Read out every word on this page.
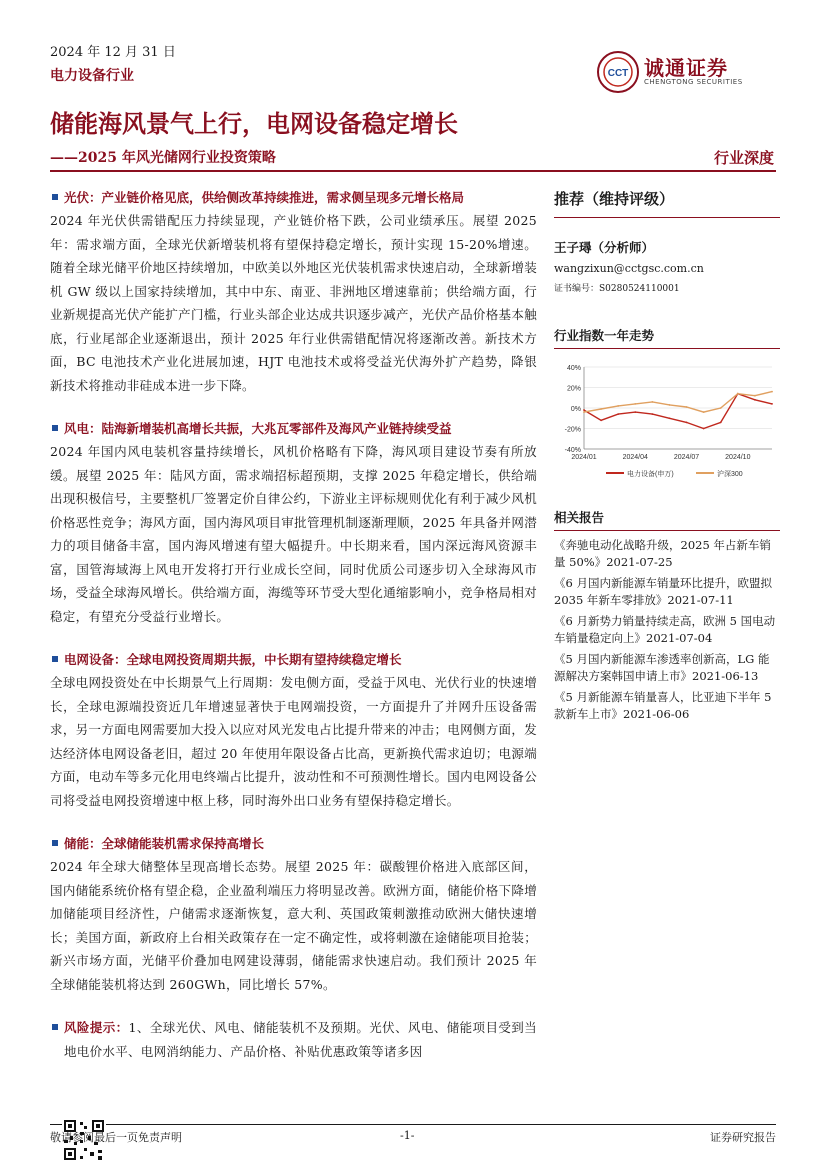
2024 年 12 月 31 日
电力设备行业	CCT 诚通证券
CHENGTONG SECURITIES
储能海风景气上行，电网设备稳定增长
——2025 年风光储网行业投资策略	行业深度
光伏：产业链价格见底，供给侧改革持续推进，需求侧呈现多元增长格局
2024 年光伏供需错配压力持续显现，产业链价格下跌，公司业绩承压。展望 2025 年：需求端方面，全球光伏新增装机将有望保持稳定增长，预计实现 15-20%增速。随着全球光储平价地区持续增加，中欧美以外地区光伏装机需求快速启动，全球新增装机 GW 级以上国家持续增加，其中中东、南亚、非洲地区增速靠前；供给端方面，行业新规提高光伏产能扩产门槛，行业头部企业达成共识逐步减产，光伏产品价格基本触底，行业尾部企业逐渐退出，预计 2025 年行业供需错配情况将逐渐改善。新技术方面，BC 电池技术产业化进展加速，HJT 电池技术或将受益光伏海外扩产趋势，降银新技术将推动非硅成本进一步下降。
风电：陆海新增装机高增长共振，大兆瓦零部件及海风产业链持续受益
2024 年国内风电装机容量持续增长，风机价格略有下降，海风项目建设节奏有所放缓。展望 2025 年：陆风方面，需求端招标超预期，支撑 2025 年稳定增长，供给端出现积极信号，主要整机厂签署定价自律公约，下游业主评标规则优化有利于减少风机价格恶性竞争；海风方面，国内海风项目审批管理机制逐渐理顺，2025 年具备并网潜力的项目储备丰富，国内海风增速有望大幅提升。中长期来看，国内深远海风资源丰富，国管海域海上风电开发将打开行业成长空间，同时优质公司逐步切入全球海风市场，受益全球海风增长。供给端方面，海缆等环节受大型化通缩影响小，竞争格局相对稳定，有望充分受益行业增长。
电网设备：全球电网投资周期共振，中长期有望持续稳定增长
全球电网投资处在中长期景气上行周期：发电侧方面，受益于风电、光伏行业的快速增长，全球电源端投资近几年增速显著快于电网端投资，一方面提升了并网升压设备需求，另一方面电网需要加大投入以应对风光发电占比提升带来的冲击；电网侧方面，发达经济体电网设备老旧，超过 20 年使用年限设备占比高，更新换代需求迫切；电源端方面，电动车等多元化用电终端占比提升，波动性和不可预测性增长。国内电网设备公司将受益电网投资增速中枢上移，同时海外出口业务有望保持稳定增长。
储能：全球储能装机需求保持高增长
2024 年全球大储整体呈现高增长态势。展望 2025 年：碳酸锂价格进入底部区间，国内储能系统价格有望企稳，企业盈利端压力将明显改善。欧洲方面，储能价格下降增加储能项目经济性，户储需求逐渐恢复，意大利、英国政策刺激推动欧洲大储快速增长；美国方面，新政府上台相关政策存在一定不确定性，或将刺激在途储能项目抢装；新兴市场方面，光储平价叠加电网建设薄弱，储能需求快速启动。我们预计 2025 年全球储能装机将达到 260GWh，同比增长 57%。
风险提示：1、全球光伏、风电、储能装机不及预期。光伏、风电、储能项目受到当地电价水平、电网消纳能力、产品价格、补贴优惠政策等诸多因
推荐（维持评级）
王子璕（分析师）
wangzixun@cctgsc.com.cn
证书编号：S0280524110001
行业指数一年走势
40%
20%
0%
-20%
-40%
2024/01	2024/04	2024/07	2024/10
电力设备(申万)	沪深300
相关报告
《奔驰电动化战略升级，2025 年占新车销量 50%》2021-07-25
《6 月国内新能源车销量环比提升，欧盟拟 2035 年新车零排放》2021-07-11
《6 月新势力销量持续走高，欧洲 5 国电动车销量稳定向上》2021-07-04
《5 月国内新能源车渗透率创新高，LG 能源解决方案韩国申请上市》2021-06-13
《5 月新能源车销量喜人，比亚迪下半年 5 款新车上市》2021-06-06
敬请参阅最后一页免责声明	-1-	证券研究报告
